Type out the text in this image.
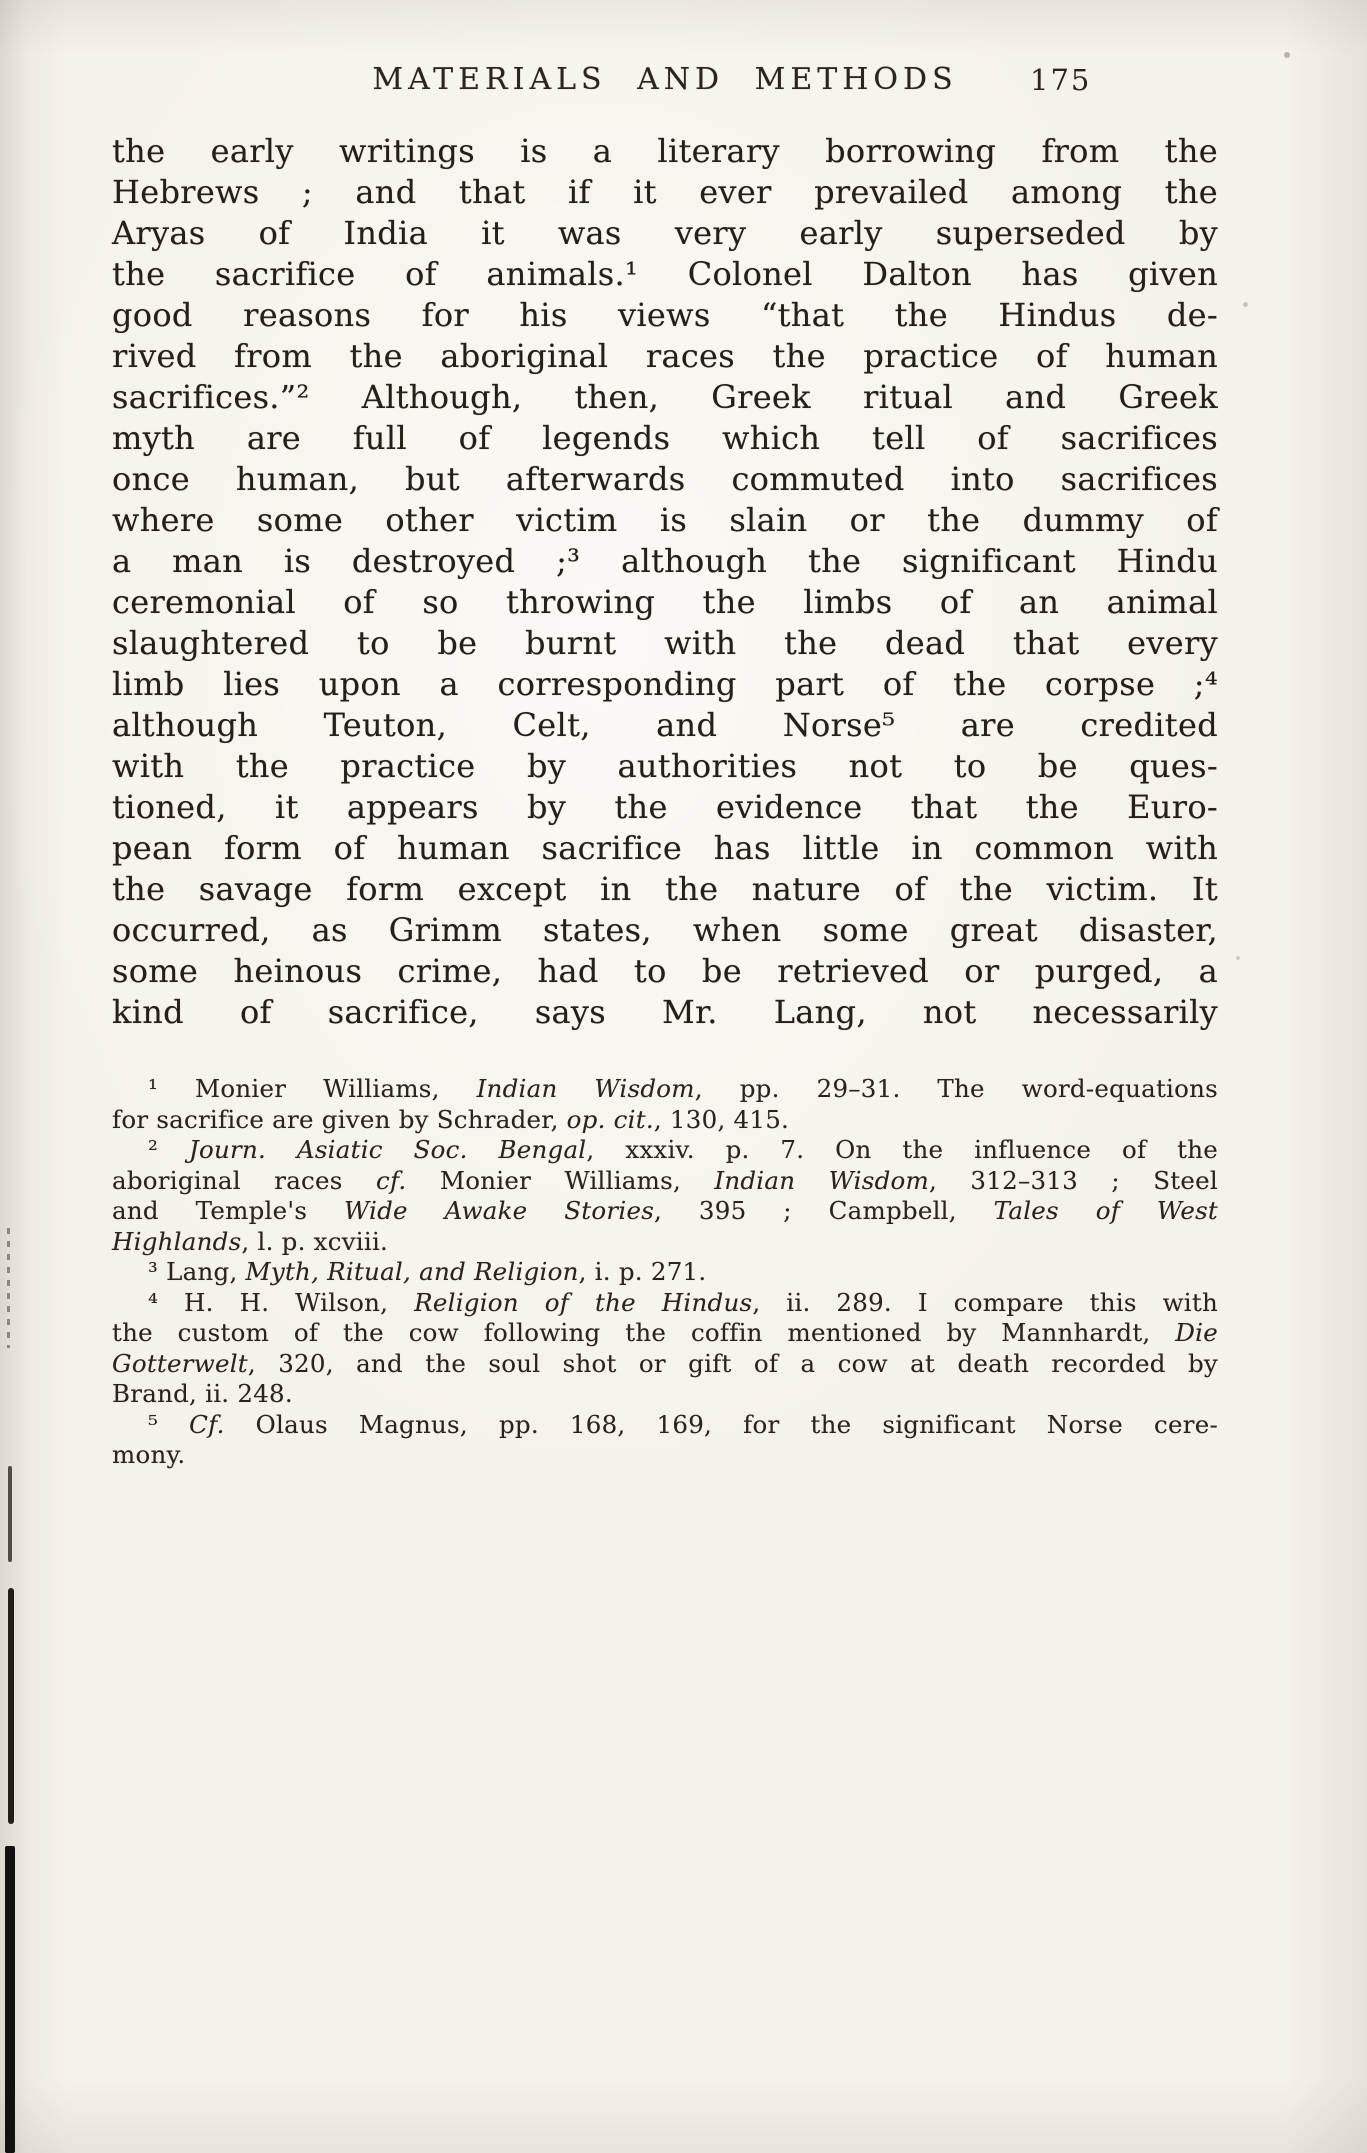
MATERIALS AND METHODS	175
the early writings is a literary borrowing from the
Hebrews ; and that if it ever prevailed among the
Aryas of India it was very early superseded by
the sacrifice of animals.¹ Colonel Dalton has given
good reasons for his views “that the Hindus de-
rived from the aboriginal races the practice of human
sacrifices.”² Although, then, Greek ritual and Greek
myth are full of legends which tell of sacrifices
once human, but afterwards commuted into sacrifices
where some other victim is slain or the dummy of
a man is destroyed ;³ although the significant Hindu
ceremonial of so throwing the limbs of an animal
slaughtered to be burnt with the dead that every
limb lies upon a corresponding part of the corpse ;⁴
although Teuton, Celt, and Norse⁵ are credited
with the practice by authorities not to be ques-
tioned, it appears by the evidence that the Euro-
pean form of human sacrifice has little in common with
the savage form except in the nature of the victim. It
occurred, as Grimm states, when some great disaster,
some heinous crime, had to be retrieved or purged, a
kind of sacrifice, says Mr. Lang, not necessarily
¹ Monier Williams, Indian Wisdom, pp. 29–31. The word-equations
for sacrifice are given by Schrader, op. cit., 130, 415.
² Journ. Asiatic Soc. Bengal, xxxiv. p. 7. On the influence of the
aboriginal races cf. Monier Williams, Indian Wisdom, 312–313 ; Steel
and Temple's Wide Awake Stories, 395 ; Campbell, Tales of West
Highlands, l. p. xcviii.
³ Lang, Myth, Ritual, and Religion, i. p. 271.
⁴ H. H. Wilson, Religion of the Hindus, ii. 289. I compare this with
the custom of the cow following the coffin mentioned by Mannhardt, Die
Gotterwelt, 320, and the soul shot or gift of a cow at death recorded by
Brand, ii. 248.
⁵ Cf. Olaus Magnus, pp. 168, 169, for the significant Norse cere-
mony.
